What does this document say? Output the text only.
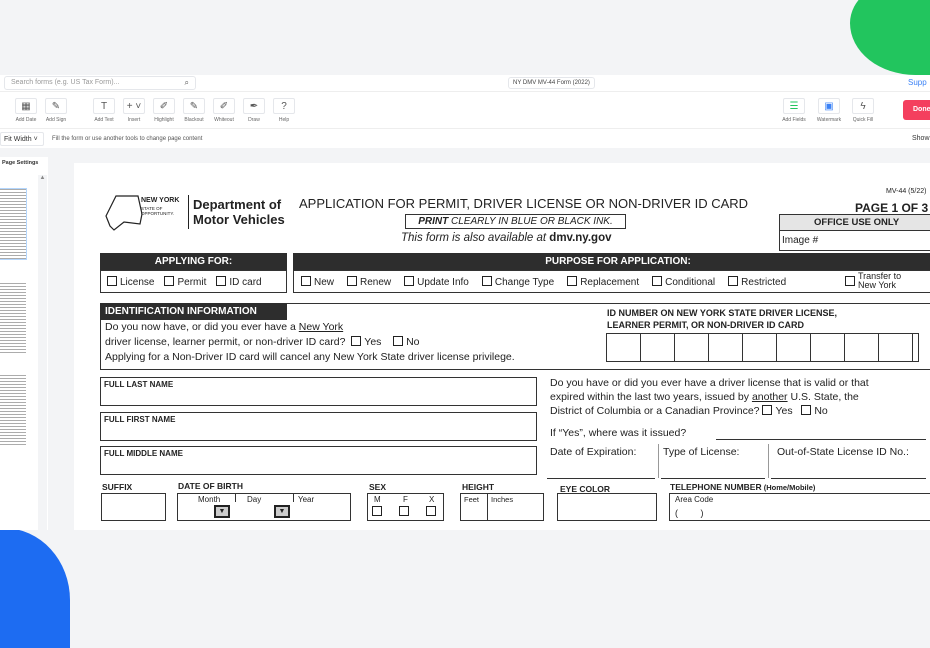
Search forms (e.g. US Tax Form)...	⌕	NY DMV MV-44 Form (2022)	Supp
Done
▦
Add Date
✎
Add Sign
T
Add Text
+ ˅
Insert
✐
Highlight
✎
Blackout
✐
Whiteout
✒
Draw
?
Help
☰
Add Fields
▣
Watermark
ϟ
Quick Fill
Fit Width ˅	Fill the form or use another tools to change page content	Show
Page Settings
▲
NEW YORK
STATE OF
OPPORTUNITY.
Department of
Motor Vehicles
APPLICATION FOR PERMIT, DRIVER LICENSE OR NON-DRIVER ID CARD
PRINT CLEARLY IN BLUE OR BLACK INK.
This form is also available at dmv.ny.gov
MV-44 (5/22)
PAGE 1 OF 3
OFFICE USE ONLY
Image #
APPLYING FOR:
License Permit ID card
PURPOSE FOR APPLICATION:
New	Renew	Update Info	Change Type	Replacement	Conditional	Restricted
Transfer to
New York
IDENTIFICATION INFORMATION
Do you now have, or did you ever have a New York
driver license, learner permit, or non-driver ID card? Yes No
Applying for a Non-Driver ID card will cancel any New York State driver license privilege.
ID NUMBER ON NEW YORK STATE DRIVER LICENSE,
LEARNER PERMIT, OR NON-DRIVER ID CARD
FULL LAST NAME
FULL FIRST NAME
FULL MIDDLE NAME
Do you have or did you ever have a driver license that is valid or that
expired within the last two years, issued by another U.S. State, the
District of Columbia or a Canadian Province? Yes No
If “Yes”, where was it issued?
Date of Expiration:	Type of License:	Out-of-State License ID No.:
SUFFIX	DATE OF BIRTH
Month	Day	Year
▼	▼
SEX
M	F	X
HEIGHT
Feet Inches
EYE COLOR	TELEPHONE NUMBER (Home/Mobile)
Area Code
(         )
